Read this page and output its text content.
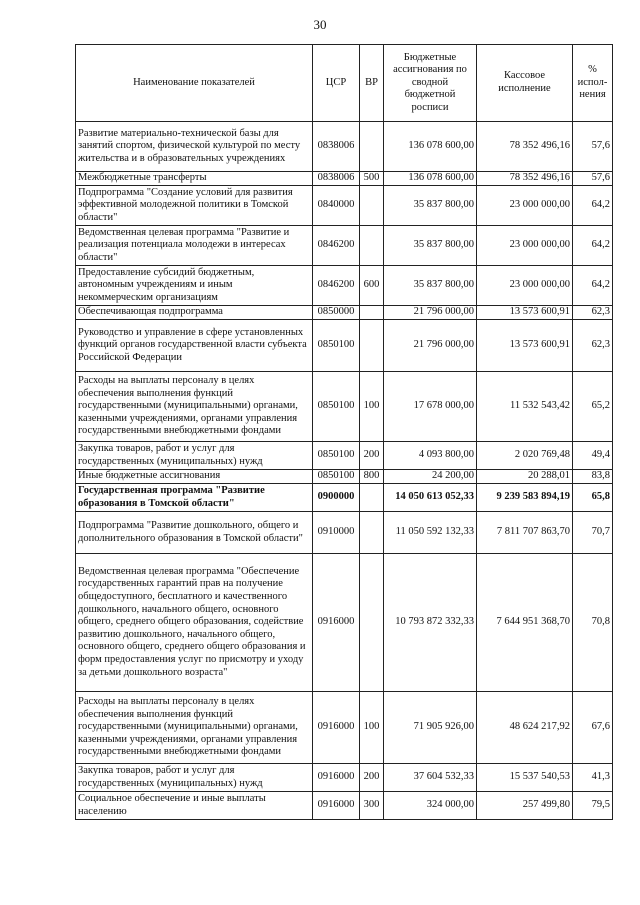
30
Наименование показателей	ЦСР	ВР	Бюджетные ассигнования по сводной бюджетной росписи	Кассовое исполнение	% испол-нения
Развитие материально-технической базы для занятий спортом, физической культурой по месту жительства и в образовательных учреждениях	0838006		136 078 600,00	78 352 496,16	57,6
Межбюджетные трансферты	0838006	500	136 078 600,00	78 352 496,16	57,6
Подпрограмма "Создание условий для развития эффективной молодежной политики в Томской области"	0840000		35 837 800,00	23 000 000,00	64,2
Ведомственная целевая программа "Развитие и реализация потенциала молодежи в интересах области"	0846200		35 837 800,00	23 000 000,00	64,2
Предоставление субсидий бюджетным, автономным учреждениям и иным некоммерческим организациям	0846200	600	35 837 800,00	23 000 000,00	64,2
Обеспечивающая подпрограмма	0850000		21 796 000,00	13 573 600,91	62,3
Руководство и управление в сфере установленных функций органов государственной власти субъекта Российской Федерации	0850100		21 796 000,00	13 573 600,91	62,3
Расходы на выплаты персоналу в целях обеспечения выполнения функций государственными (муниципальными) органами, казенными учреждениями, органами управления государственными внебюджетными фондами	0850100	100	17 678 000,00	11 532 543,42	65,2
Закупка товаров, работ и услуг для государственных (муниципальных) нужд	0850100	200	4 093 800,00	2 020 769,48	49,4
Иные бюджетные ассигнования	0850100	800	24 200,00	20 288,01	83,8
Государственная программа "Развитие образования в Томской области"	0900000		14 050 613 052,33	9 239 583 894,19	65,8
Подпрограмма "Развитие дошкольного, общего и дополнительного образования в Томской области"	0910000		11 050 592 132,33	7 811 707 863,70	70,7
Ведомственная целевая программа "Обеспечение государственных гарантий прав на получение общедоступного, бесплатного и качественного дошкольного, начального общего, основного общего, среднего общего образования, содействие развитию дошкольного, начального общего, основного общего, среднего общего образования и форм предоставления услуг по присмотру и уходу за детьми дошкольного возраста"	0916000		10 793 872 332,33	7 644 951 368,70	70,8
Расходы на выплаты персоналу в целях обеспечения выполнения функций государственными (муниципальными) органами, казенными учреждениями, органами управления государственными внебюджетными фондами	0916000	100	71 905 926,00	48 624 217,92	67,6
Закупка товаров, работ и услуг для государственных (муниципальных) нужд	0916000	200	37 604 532,33	15 537 540,53	41,3
Социальное обеспечение и иные выплаты населению	0916000	300	324 000,00	257 499,80	79,5
